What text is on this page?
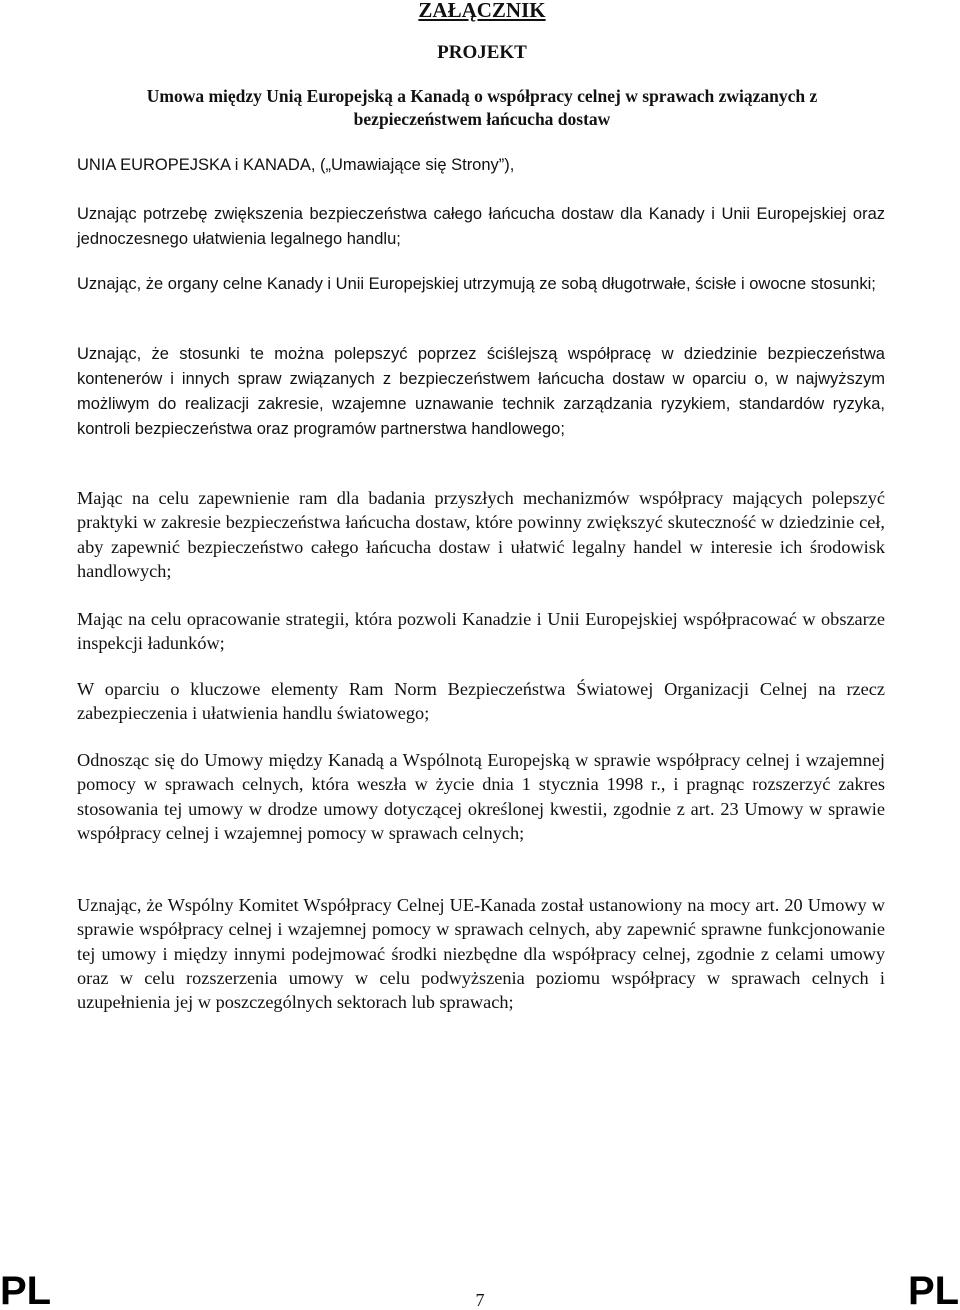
ZAŁĄCZNIK
PROJEKT
Umowa między Unią Europejską a Kanadą o współpracy celnej w sprawach związanych z bezpieczeństwem łańcucha dostaw

UNIA EUROPEJSKA i KANADA, („Umawiające się Strony”),

Uznając potrzebę zwiększenia bezpieczeństwa całego łańcucha dostaw dla Kanady i Unii Europejskiej oraz jednoczesnego ułatwienia legalnego handlu;

Uznając, że organy celne Kanady i Unii Europejskiej utrzymują ze sobą długotrwałe, ścisłe i owocne stosunki;

Uznając, że stosunki te można polepszyć poprzez ściślejszą współpracę w dziedzinie bezpieczeństwa kontenerów i innych spraw związanych z bezpieczeństwem łańcucha dostaw w oparciu o, w najwyższym możliwym do realizacji zakresie, wzajemne uznawanie technik zarządzania ryzykiem, standardów ryzyka, kontroli bezpieczeństwa oraz programów partnerstwa handlowego;

Mając na celu zapewnienie ram dla badania przyszłych mechanizmów współpracy mających polepszyć praktyki w zakresie bezpieczeństwa łańcucha dostaw, które powinny zwiększyć skuteczność w dziedzinie ceł, aby zapewnić bezpieczeństwo całego łańcucha dostaw i ułatwić legalny handel w interesie ich środowisk handlowych;

Mając na celu opracowanie strategii, która pozwoli Kanadzie i Unii Europejskiej współpracować w obszarze inspekcji ładunków;

W oparciu o kluczowe elementy Ram Norm Bezpieczeństwa Światowej Organizacji Celnej na rzecz zabezpieczenia i ułatwienia handlu światowego;

Odnosząc się do Umowy między Kanadą a Wspólnotą Europejską w sprawie współpracy celnej i wzajemnej pomocy w sprawach celnych, która weszła w życie dnia 1 stycznia 1998 r., i pragnąc rozszerzyć zakres stosowania tej umowy w drodze umowy dotyczącej określonej kwestii, zgodnie z art. 23 Umowy w sprawie współpracy celnej i wzajemnej pomocy w sprawach celnych;

Uznając, że Wspólny Komitet Współpracy Celnej UE-Kanada został ustanowiony na mocy art. 20 Umowy w sprawie współpracy celnej i wzajemnej pomocy w sprawach celnych, aby zapewnić sprawne funkcjonowanie tej umowy i między innymi podejmować środki niezbędne dla współpracy celnej, zgodnie z celami umowy oraz w celu rozszerzenia umowy w celu podwyższenia poziomu współpracy w sprawach celnych i uzupełnienia jej w poszczególnych sektorach lub sprawach;

PL	7	PL
